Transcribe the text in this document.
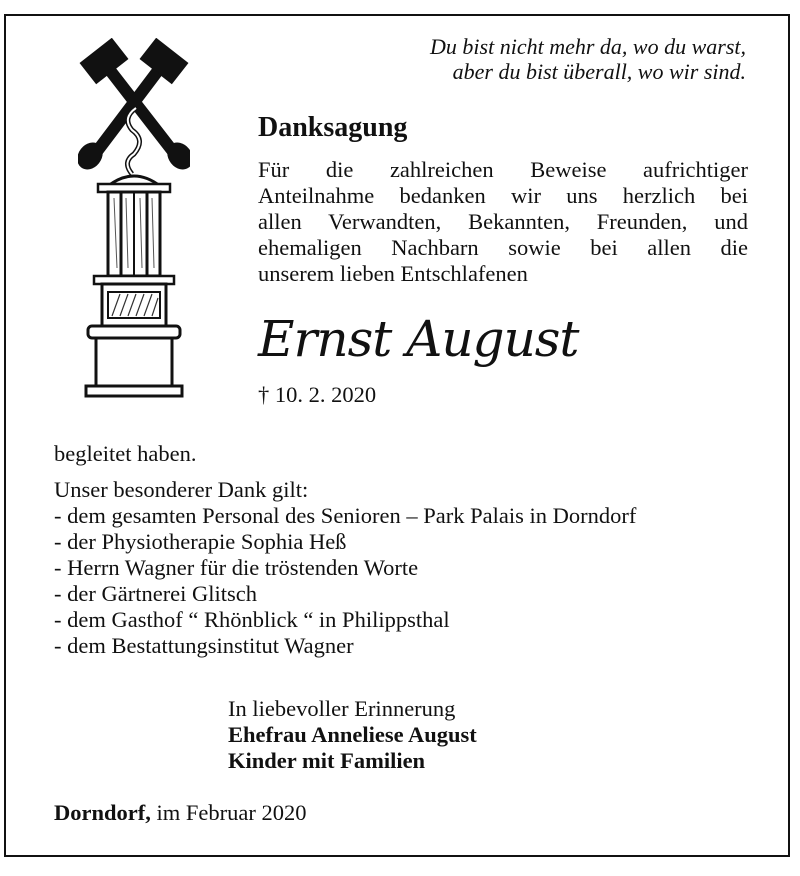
Du bist nicht mehr da, wo du warst,
aber du bist überall, wo wir sind.
Danksagung
Für die zahlreichen Beweise aufrichtiger
Anteilnahme bedanken wir uns herzlich bei
allen Verwandten, Bekannten, Freunden, und
ehemaligen Nachbarn sowie bei allen die
unserem lieben Entschlafenen
Ernst August
† 10. 2. 2020
begleitet haben.
Unser besonderer Dank gilt:
- dem gesamten Personal des Senioren – Park Palais in Dorndorf
- der Physiotherapie Sophia Heß
- Herrn Wagner für die tröstenden Worte
- der Gärtnerei Glitsch
- dem Gasthof “ Rhönblick “ in Philippsthal
- dem Bestattungsinstitut Wagner
In liebevoller Erinnerung
Ehefrau Anneliese August
Kinder mit Familien
Dorndorf, im Februar 2020
